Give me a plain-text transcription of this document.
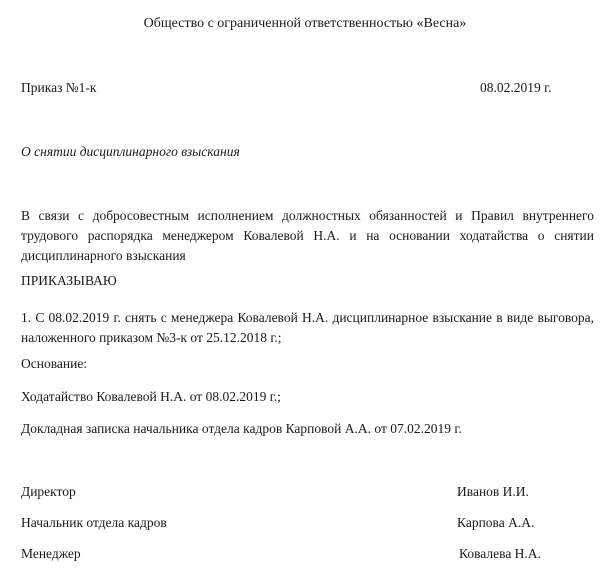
Общество с ограниченной ответственностью «Весна»
Приказ №1-к	08.02.2019 г.
О снятии дисциплинарного взыскания
В связи с добросовестным исполнением должностных обязанностей и Правил внутреннего трудового распорядка менеджером Ковалевой Н.А. и на основании ходатайства о снятии дисциплинарного взыскания
ПРИКАЗЫВАЮ
1. С 08.02.2019 г. снять с менеджера Ковалевой Н.А. дисциплинарное взыскание в виде выговора, наложенного приказом №3-к от 25.12.2018 г.;
Основание:
Ходатайство Ковалевой Н.А. от 08.02.2019 г.;
Докладная записка начальника отдела кадров Карповой А.А. от 07.02.2019 г.
Директор	Иванов И.И.
Начальник отдела кадров	Карпова А.А.
Менеджер	Ковалева Н.А.
